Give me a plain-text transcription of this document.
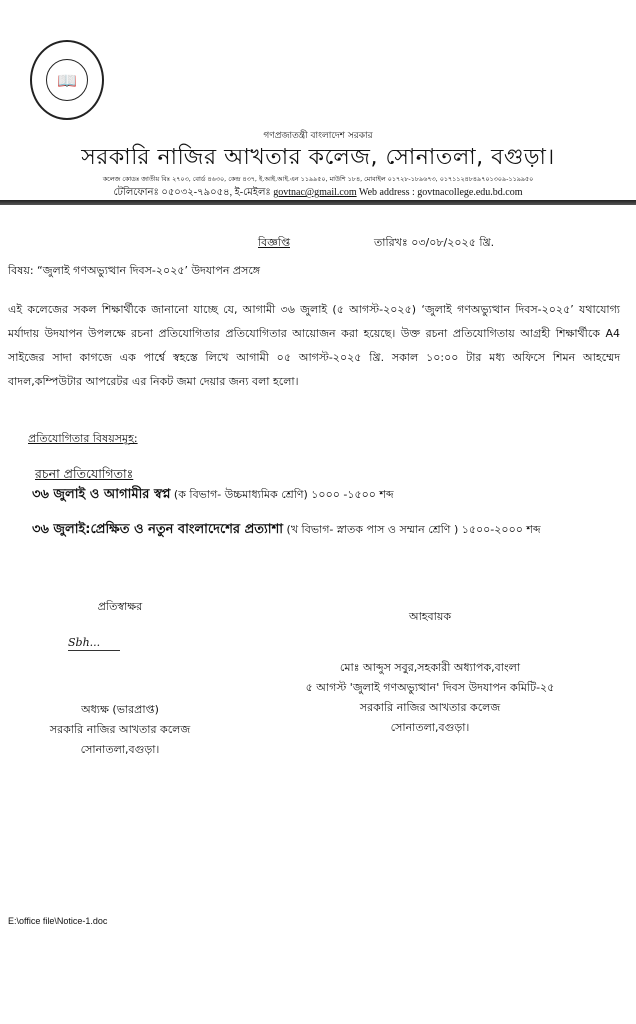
📖
গণপ্রজাতন্ত্রী বাংলাদেশ সরকার
সরকারি নাজির আখতার কলেজ, সোনাতলা, বগুড়া।
কলেজ কোডঃ জাতীয় বিঃ ২৭০৩, বোর্ড ৪৬৩০, কেন্দ্র ৪৩৭, ই.আই.আই.এন ১১৯৯৫০, মাউশি ১৮৪, মোবাইল ০১৭২৮-১৮৯৬৭৩, ০১৭১১২৪৮৪৯৭০১৩০৯-১১৯৯৫০
টেলিফোনঃ ০৫০৩২-৭৯০৫৪, ই-মেইলঃ govtnac@gmail.com Web address : govtnacollege.edu.bd.com
বিজ্ঞপ্তি	তারিখঃ ০৩/০৮/২০২৫ খ্রি.
বিষয়: “জুলাই গণঅভ্যুত্থান দিবস-২০২৫’ উদযাপন প্রসঙ্গে
এই কলেজের সকল শিক্ষার্থীকে জানানো যাচ্ছে যে, আগামী ৩৬ জুলাই (৫ আগস্ট-২০২৫) ‘জুলাই গণঅভ্যুত্থান দিবস-২০২৫’ যথাযোগ্য মর্যাদায় উদযাপন উপলক্ষে রচনা প্রতিযোগিতার প্রতিযোগিতার আয়োজন করা হয়েছে। উক্ত রচনা প্রতিযোগিতায় আগ্রহী শিক্ষার্থীকে A4 সাইজের সাদা কাগজে এক পার্শ্বে স্বহস্তে লিখে আগামী ০৫ আগস্ট-২০২৫ খ্রি. সকাল ১০:০০ টার মধ্য অফিসে শিমন আহম্মেদ বাদল,কম্পিউটার আপরেটর এর নিকট জমা দেয়ার জন্য বলা হলো।
প্রতিযোগিতার বিষয়সমূহ:
রচনা প্রতিযোগিতাঃ
৩৬ জুলাই ও আগামীর স্বপ্ন (ক বিভাগ- উচ্চমাধ্যমিক শ্রেণি) ১০০০ -১৫০০ শব্দ
৩৬ জুলাই:প্রেক্ষিত ও নতুন বাংলাদেশের প্রত্যাশা (খ বিভাগ- স্নাতক পাস ও সম্মান শ্রেণি ) ১৫০০-২০০০ শব্দ
প্রতিস্বাক্ষর
Sbh...
অধ্যক্ষ (ভারপ্রাপ্ত)
সরকারি নাজির আখতার কলেজ
সোনাতলা,বগুড়া।
আহবায়ক
মোঃ আব্দুস সবুর,সহকারী অধ্যাপক,বাংলা
৫ আগস্ট 'জুলাই গণঅভ্যুত্থান' দিবস উদযাপন কমিটি-২৫
সরকারি নাজির আখতার কলেজ
সোনাতলা,বগুড়া।
E:\office file\Notice-1.doc
